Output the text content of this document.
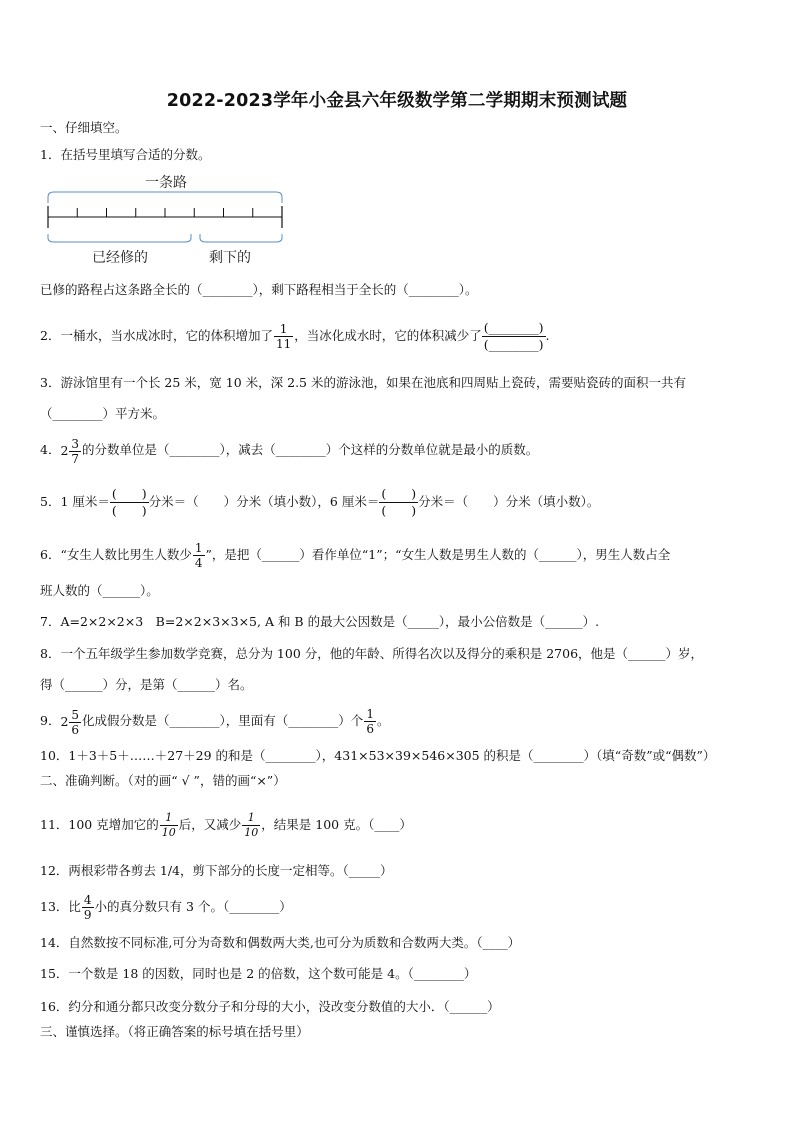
2022-2023学年小金县六年级数学第二学期期末预测试题
一、仔细填空。
1．在括号里填写合适的分数。
一条路
已经修的	剩下的
已修的路程占这条路全长的（________），剩下路程相当于全长的（________）。
2．一桶水，当水成冰时，它的体积增加了 $\frac{1}{11}$ ，当冰化成水时，它的体积减少了 $\frac{(\_\_\_\_\_\_\_\_)}{(\_\_\_\_\_\_\_\_)}$ .
3．游泳馆里有一个长 25 米，宽 10 米，深 2.5 米的游泳池，如果在池底和四周贴上瓷砖，需要贴瓷砖的面积一共有
（________）平方米。
4．$2 \frac{3}{7}$ 的分数单位是（________），减去（________）个这样的分数单位就是最小的质数。
5．1 厘米＝ $\frac{( )}{( )}$ 分米＝（　　）分米（填小数），6 厘米＝ $\frac{( )}{( )}$ 分米＝（　　）分米（填小数）。
6．“女生人数比男生人数少 $\frac{1}{4}$ ”，是把（______）看作单位“1”；“女生人数是男生人数的（______），男生人数占全
班人数的（______）。
7．A=2×2×2×3　B=2×2×3×3×5, A 和 B 的最大公因数是（_____），最小公倍数是（______）.
8．一个五年级学生参加数学竞赛，总分为 100 分，他的年龄、所得名次以及得分的乘积是 2706，他是（______）岁，
得（______）分，是第（______）名。
9．$2 \frac{5}{6}$ 化成假分数是（________），里面有（________）个 $\frac{1}{6}$ 。
10．1＋3＋5＋……＋27＋29 的和是（________），431×53×39×546×305 的积是（________）（填“奇数”或“偶数”）
二、准确判断。（对的画“ √ ”，错的画“×”）
11．100 克增加它的 $\frac{1}{10}$ 后，又减少 $\frac{1}{10}$ ，结果是 100 克。（____）
12．两根彩带各剪去 1/4，剪下部分的长度一定相等。（_____）
13．比 $\frac{4}{9}$ 小的真分数只有 3 个。（________）
14．自然数按不同标准,可分为奇数和偶数两大类,也可分为质数和合数两大类。（____）
15．一个数是 18 的因数，同时也是 2 的倍数，这个数可能是 4。（________）
16．约分和通分都只改变分数分子和分母的大小，没改变分数值的大小．（______）
三、谨慎选择。（将正确答案的标号填在括号里）
